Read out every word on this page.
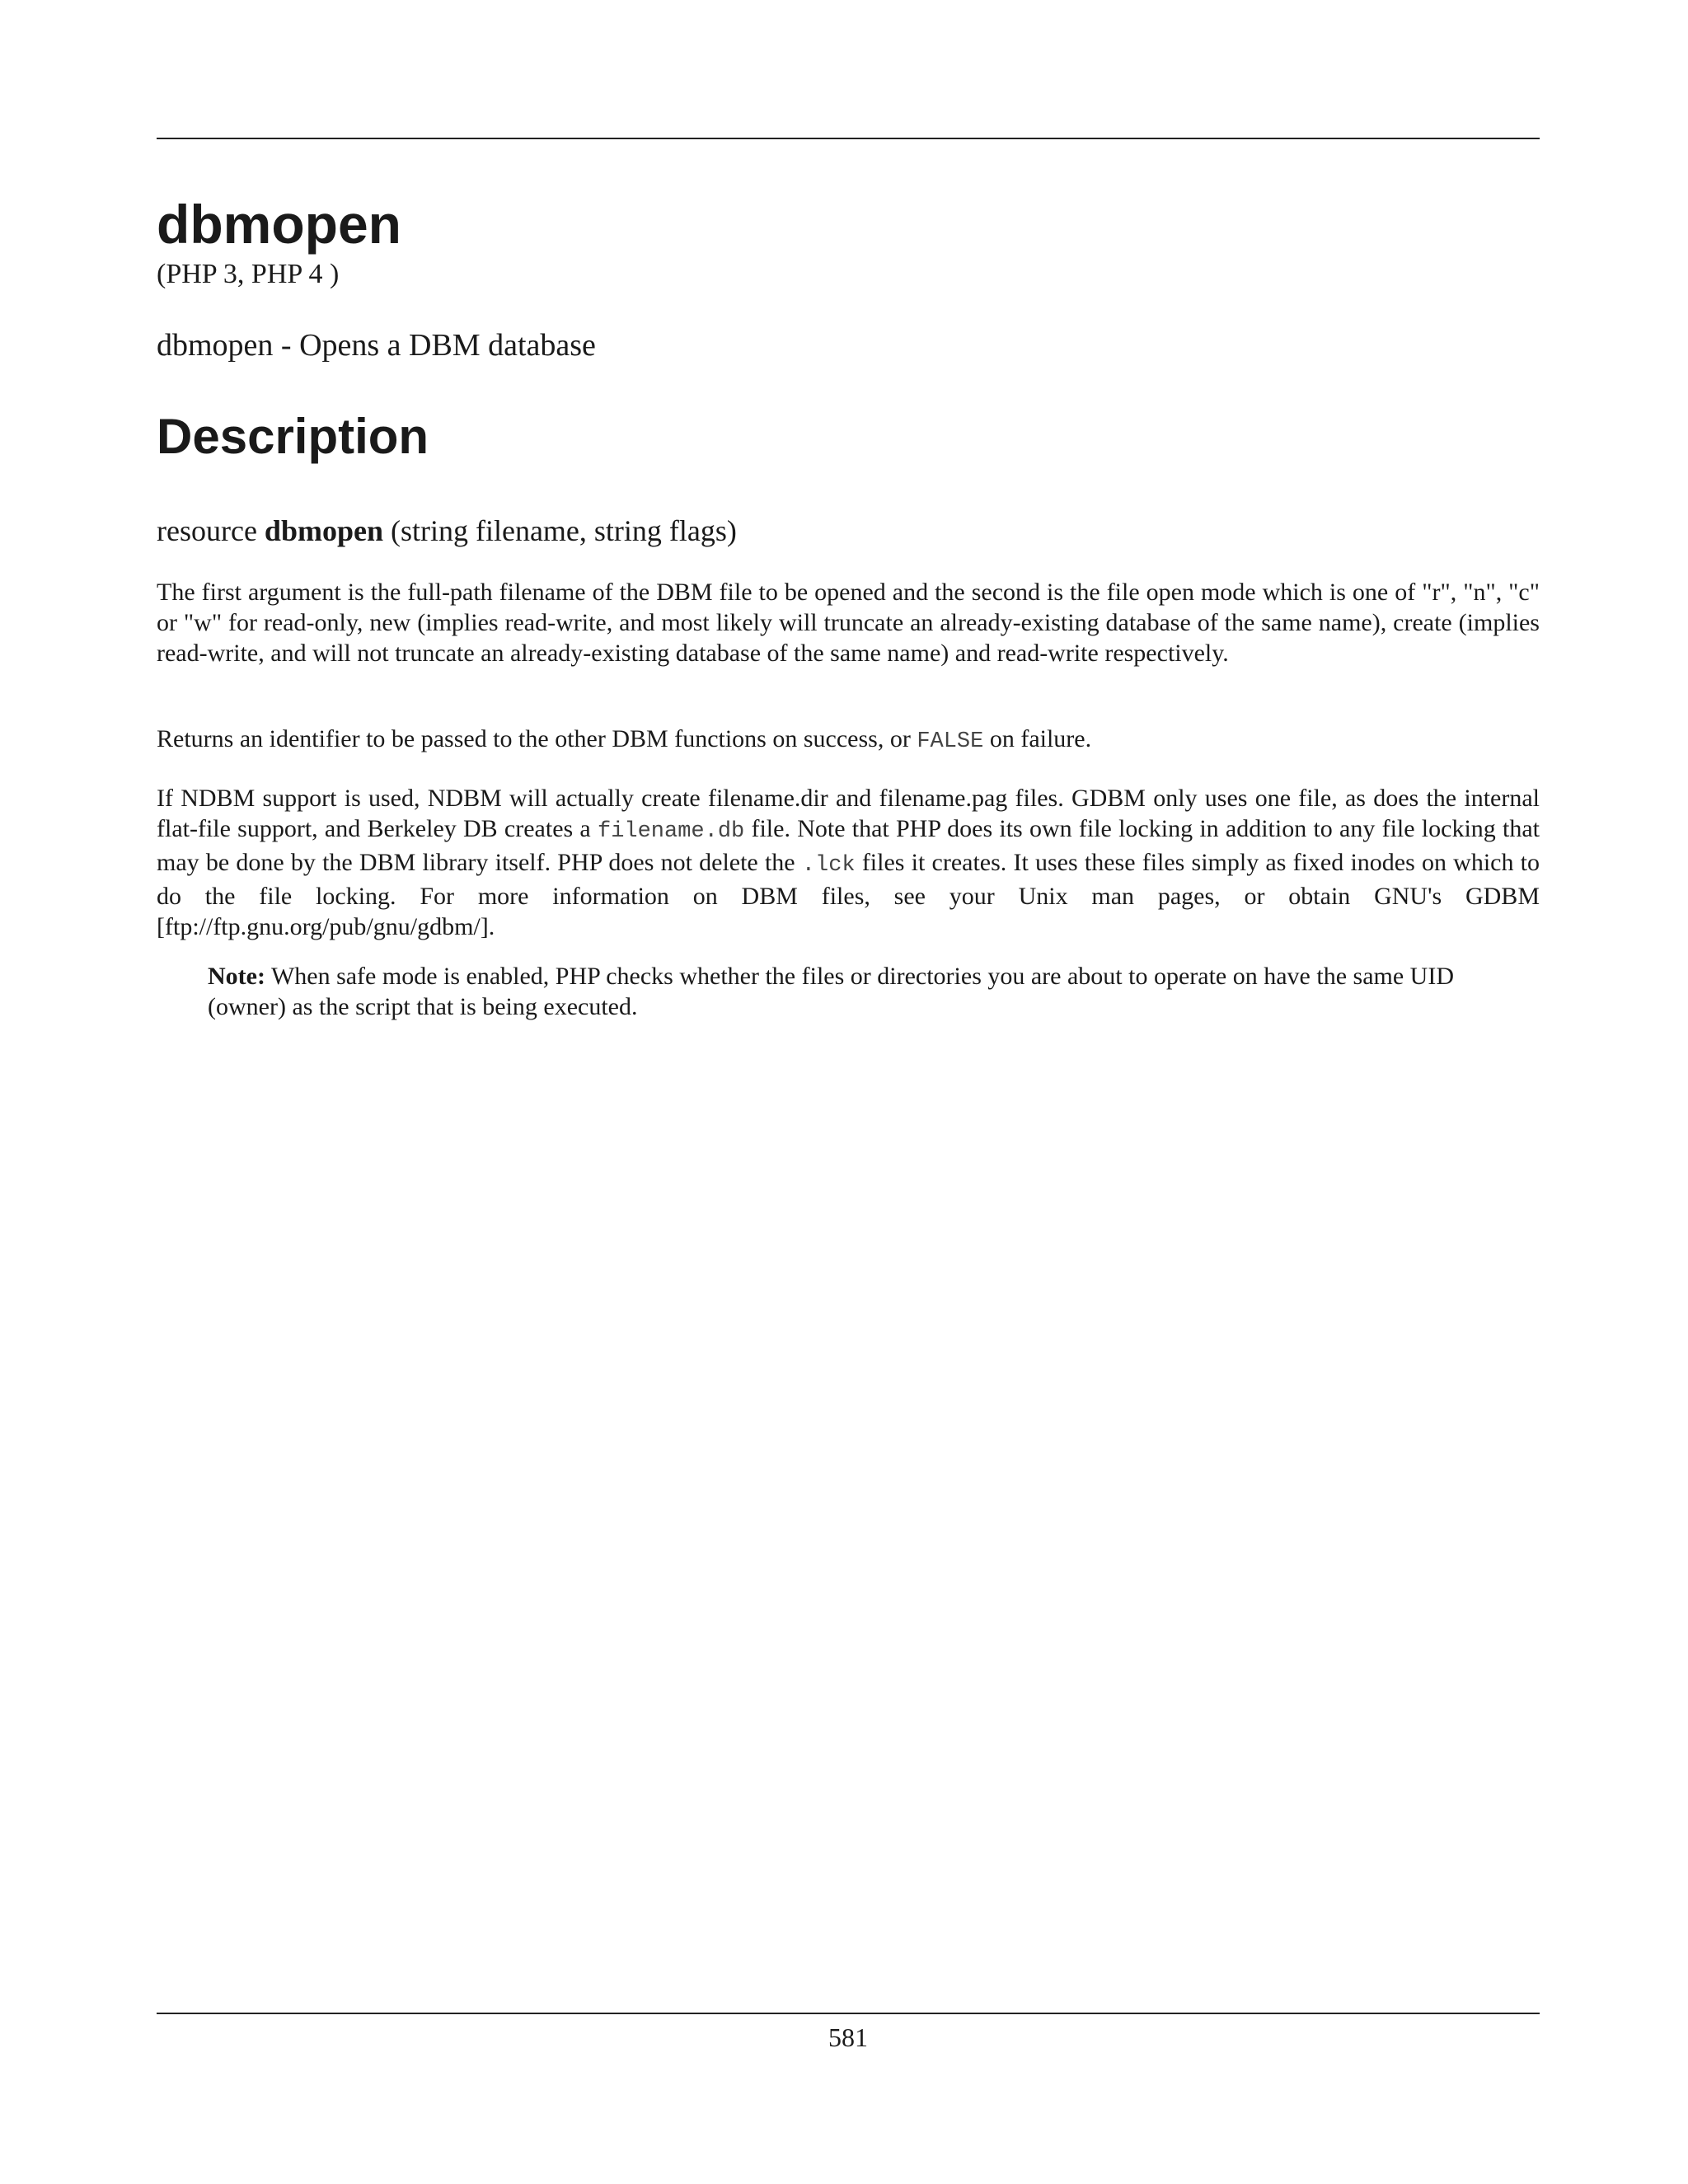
dbmopen
(PHP 3, PHP 4 )
dbmopen - Opens a DBM database
Description
resource dbmopen (string filename, string flags)
The first argument is the full-path filename of the DBM file to be opened and the second is the file open mode which is one of "r", "n", "c" or "w" for read-only, new (implies read-write, and most likely will truncate an already-existing database of the same name), create (implies read-write, and will not truncate an already-existing database of the same name) and read-write respectively.
Returns an identifier to be passed to the other DBM functions on success, or FALSE on failure.
If NDBM support is used, NDBM will actually create filename.dir and filename.pag files. GDBM only uses one file, as does the internal flat-file support, and Berkeley DB creates a filename.db file. Note that PHP does its own file locking in addition to any file locking that may be done by the DBM library itself. PHP does not delete the .lck files it creates. It uses these files simply as fixed inodes on which to do the file locking. For more information on DBM files, see your Unix man pages, or obtain GNU's GDBM [ftp://ftp.gnu.org/pub/gnu/gdbm/].
Note: When safe mode is enabled, PHP checks whether the files or directories you are about to operate on have the same UID (owner) as the script that is being executed.
581
